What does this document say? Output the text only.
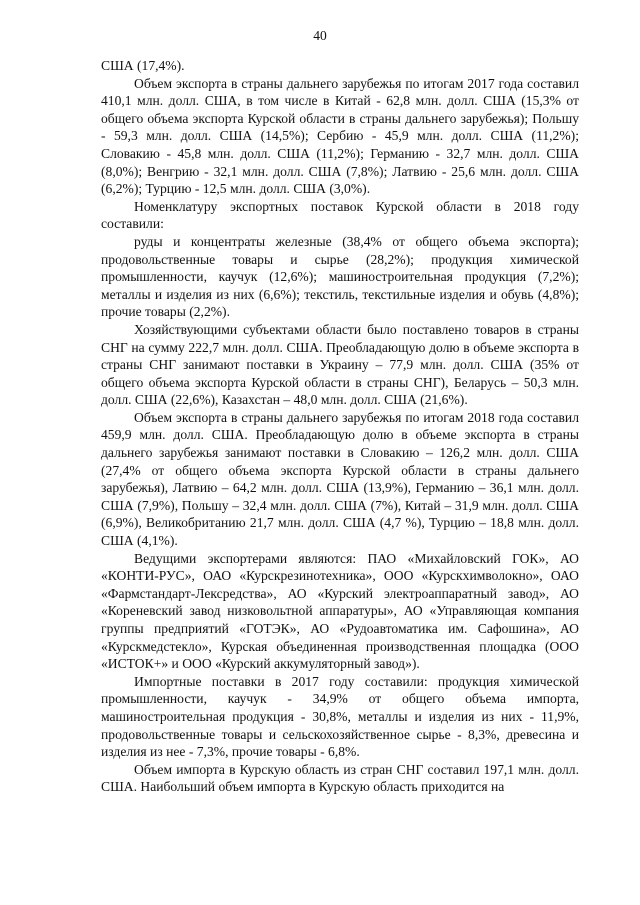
40

США (17,4%).

Объем экспорта в страны дальнего зарубежья по итогам 2017 года составил 410,1 млн. долл. США, в том числе в Китай - 62,8 млн. долл. США (15,3% от общего объема экспорта Курской области в страны дальнего зарубежья); Польшу - 59,3 млн. долл. США (14,5%); Сербию - 45,9 млн. долл. США (11,2%); Словакию - 45,8 млн. долл. США (11,2%); Германию - 32,7 млн. долл. США (8,0%); Венгрию - 32,1 млн. долл. США (7,8%); Латвию - 25,6 млн. долл. США (6,2%); Турцию - 12,5 млн. долл. США (3,0%).

Номенклатуру экспортных поставок Курской области в 2018 году составили:

руды и концентраты железные (38,4% от общего объема экспорта); продовольственные товары и сырье (28,2%); продукция химической промышленности, каучук (12,6%); машиностроительная продукция (7,2%); металлы и изделия из них (6,6%); текстиль, текстильные изделия и обувь (4,8%); прочие товары (2,2%).

Хозяйствующими субъектами области было поставлено товаров в страны СНГ на сумму 222,7 млн. долл. США. Преобладающую долю в объеме экспорта в страны СНГ занимают поставки в Украину – 77,9 млн. долл. США (35% от общего объема экспорта Курской области в страны СНГ), Беларусь – 50,3 млн. долл. США (22,6%), Казахстан – 48,0 млн. долл. США (21,6%).

Объем экспорта в страны дальнего зарубежья по итогам 2018 года составил 459,9 млн. долл. США. Преобладающую долю в объеме экспорта в страны дальнего зарубежья занимают поставки в Словакию – 126,2 млн. долл. США (27,4% от общего объема экспорта Курской области в страны дальнего зарубежья), Латвию – 64,2 млн. долл. США (13,9%), Германию – 36,1 млн. долл. США (7,9%), Польшу – 32,4 млн. долл. США (7%), Китай – 31,9 млн. долл. США (6,9%), Великобританию 21,7 млн. долл. США (4,7 %), Турцию – 18,8 млн. долл. США (4,1%).

Ведущими экспортерами являются: ПАО «Михайловский ГОК», АО «КОНТИ-РУС», ОАО «Курскрезинотехника», ООО «Курскхимволокно», ОАО «Фармстандарт-Лексредства», АО «Курский электроаппаратный завод», АО «Кореневский завод низковольтной аппаратуры», АО «Управляющая компания группы предприятий «ГОТЭК», АО «Рудоавтоматика им. Сафошина», АО «Курскмедстекло», Курская объединенная производственная площадка (ООО «ИСТОК+» и ООО «Курский аккумуляторный завод»).

Импортные поставки в 2017 году составили: продукция химической промышленности, каучук - 34,9% от общего объема импорта, машиностроительная продукция - 30,8%, металлы и изделия из них - 11,9%, продовольственные товары и сельскохозяйственное сырье - 8,3%, древесина и изделия из нее - 7,3%, прочие товары - 6,8%.

Объем импорта в Курскую область из стран СНГ составил 197,1 млн. долл. США. Наибольший объем импорта в Курскую область приходится на
